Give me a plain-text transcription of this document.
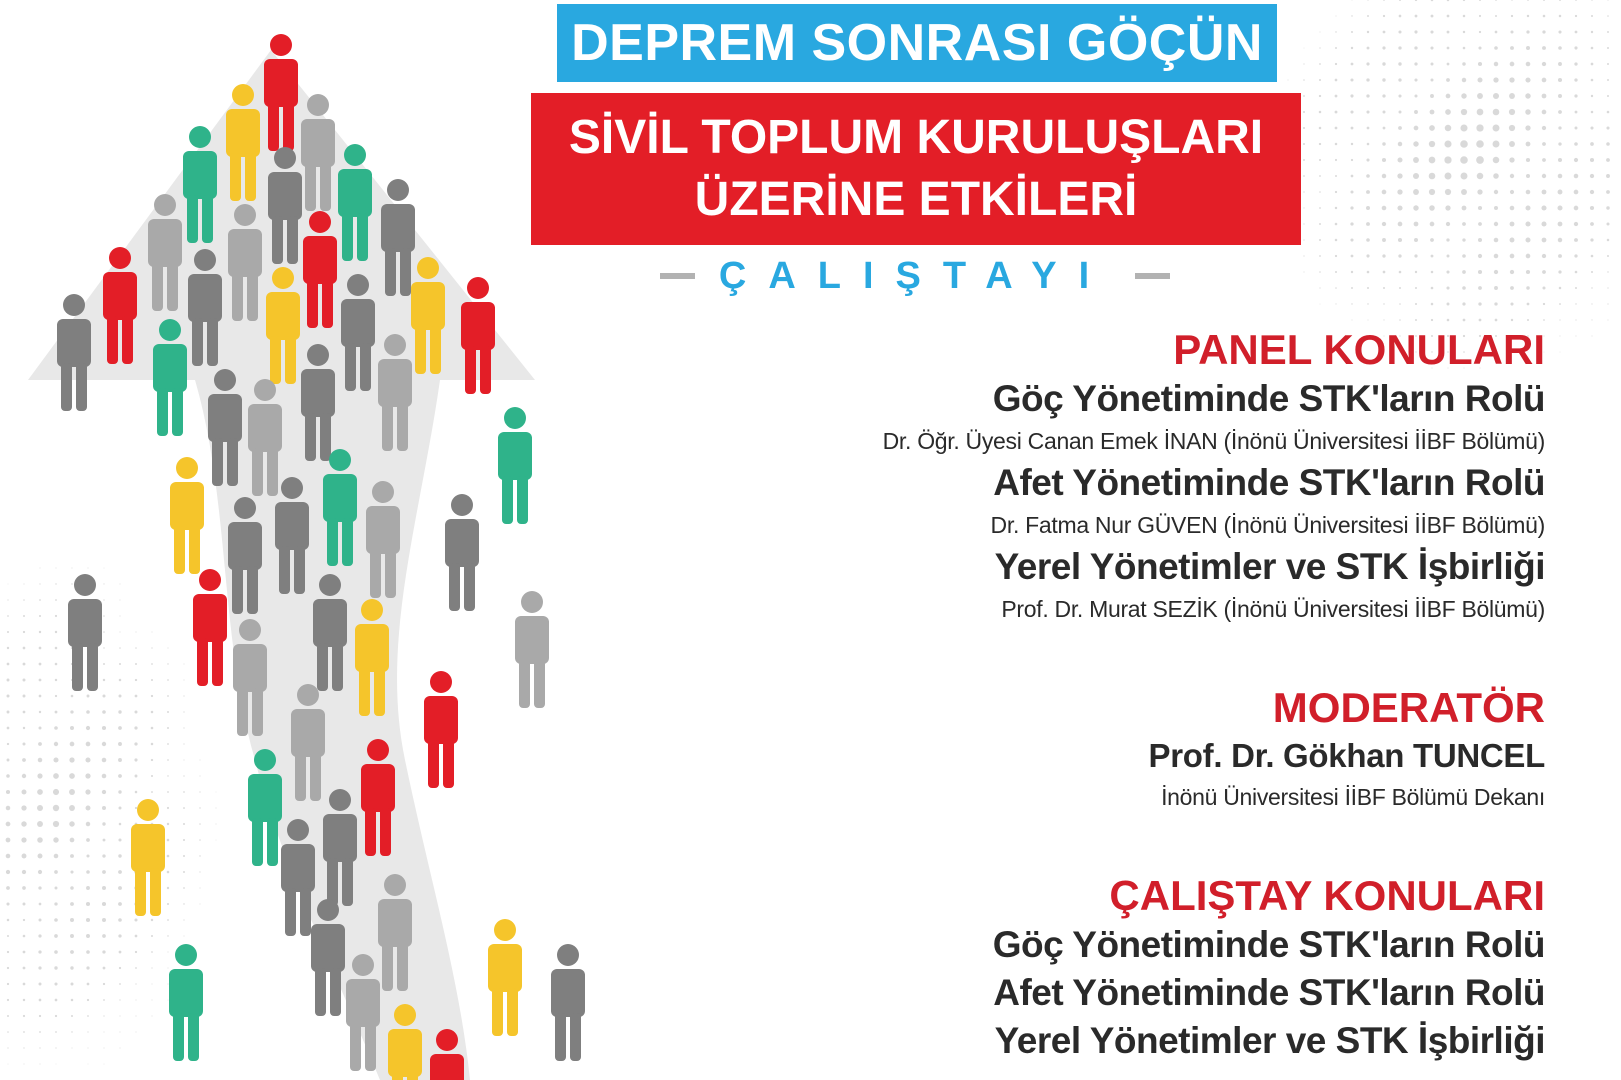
DEPREM SONRASI GÖÇÜN
SİVİL TOPLUM KURULUŞLARI
ÜZERİNE ETKİLERİ
ÇALIŞTAYI
PANEL KONULARI
Göç Yönetiminde STK'ların Rolü
Dr. Öğr. Üyesi Canan Emek İNAN (İnönü Üniversitesi İİBF Bölümü)
Afet Yönetiminde STK'ların Rolü
Dr. Fatma Nur GÜVEN (İnönü Üniversitesi İİBF Bölümü)
Yerel Yönetimler ve STK İşbirliği
Prof. Dr. Murat SEZİK (İnönü Üniversitesi İİBF Bölümü)
MODERATÖR
Prof. Dr. Gökhan TUNCEL
İnönü Üniversitesi İİBF Bölümü Dekanı
ÇALIŞTAY KONULARI
Göç Yönetiminde STK'ların Rolü
Afet Yönetiminde STK'ların Rolü
Yerel Yönetimler ve STK İşbirliği
